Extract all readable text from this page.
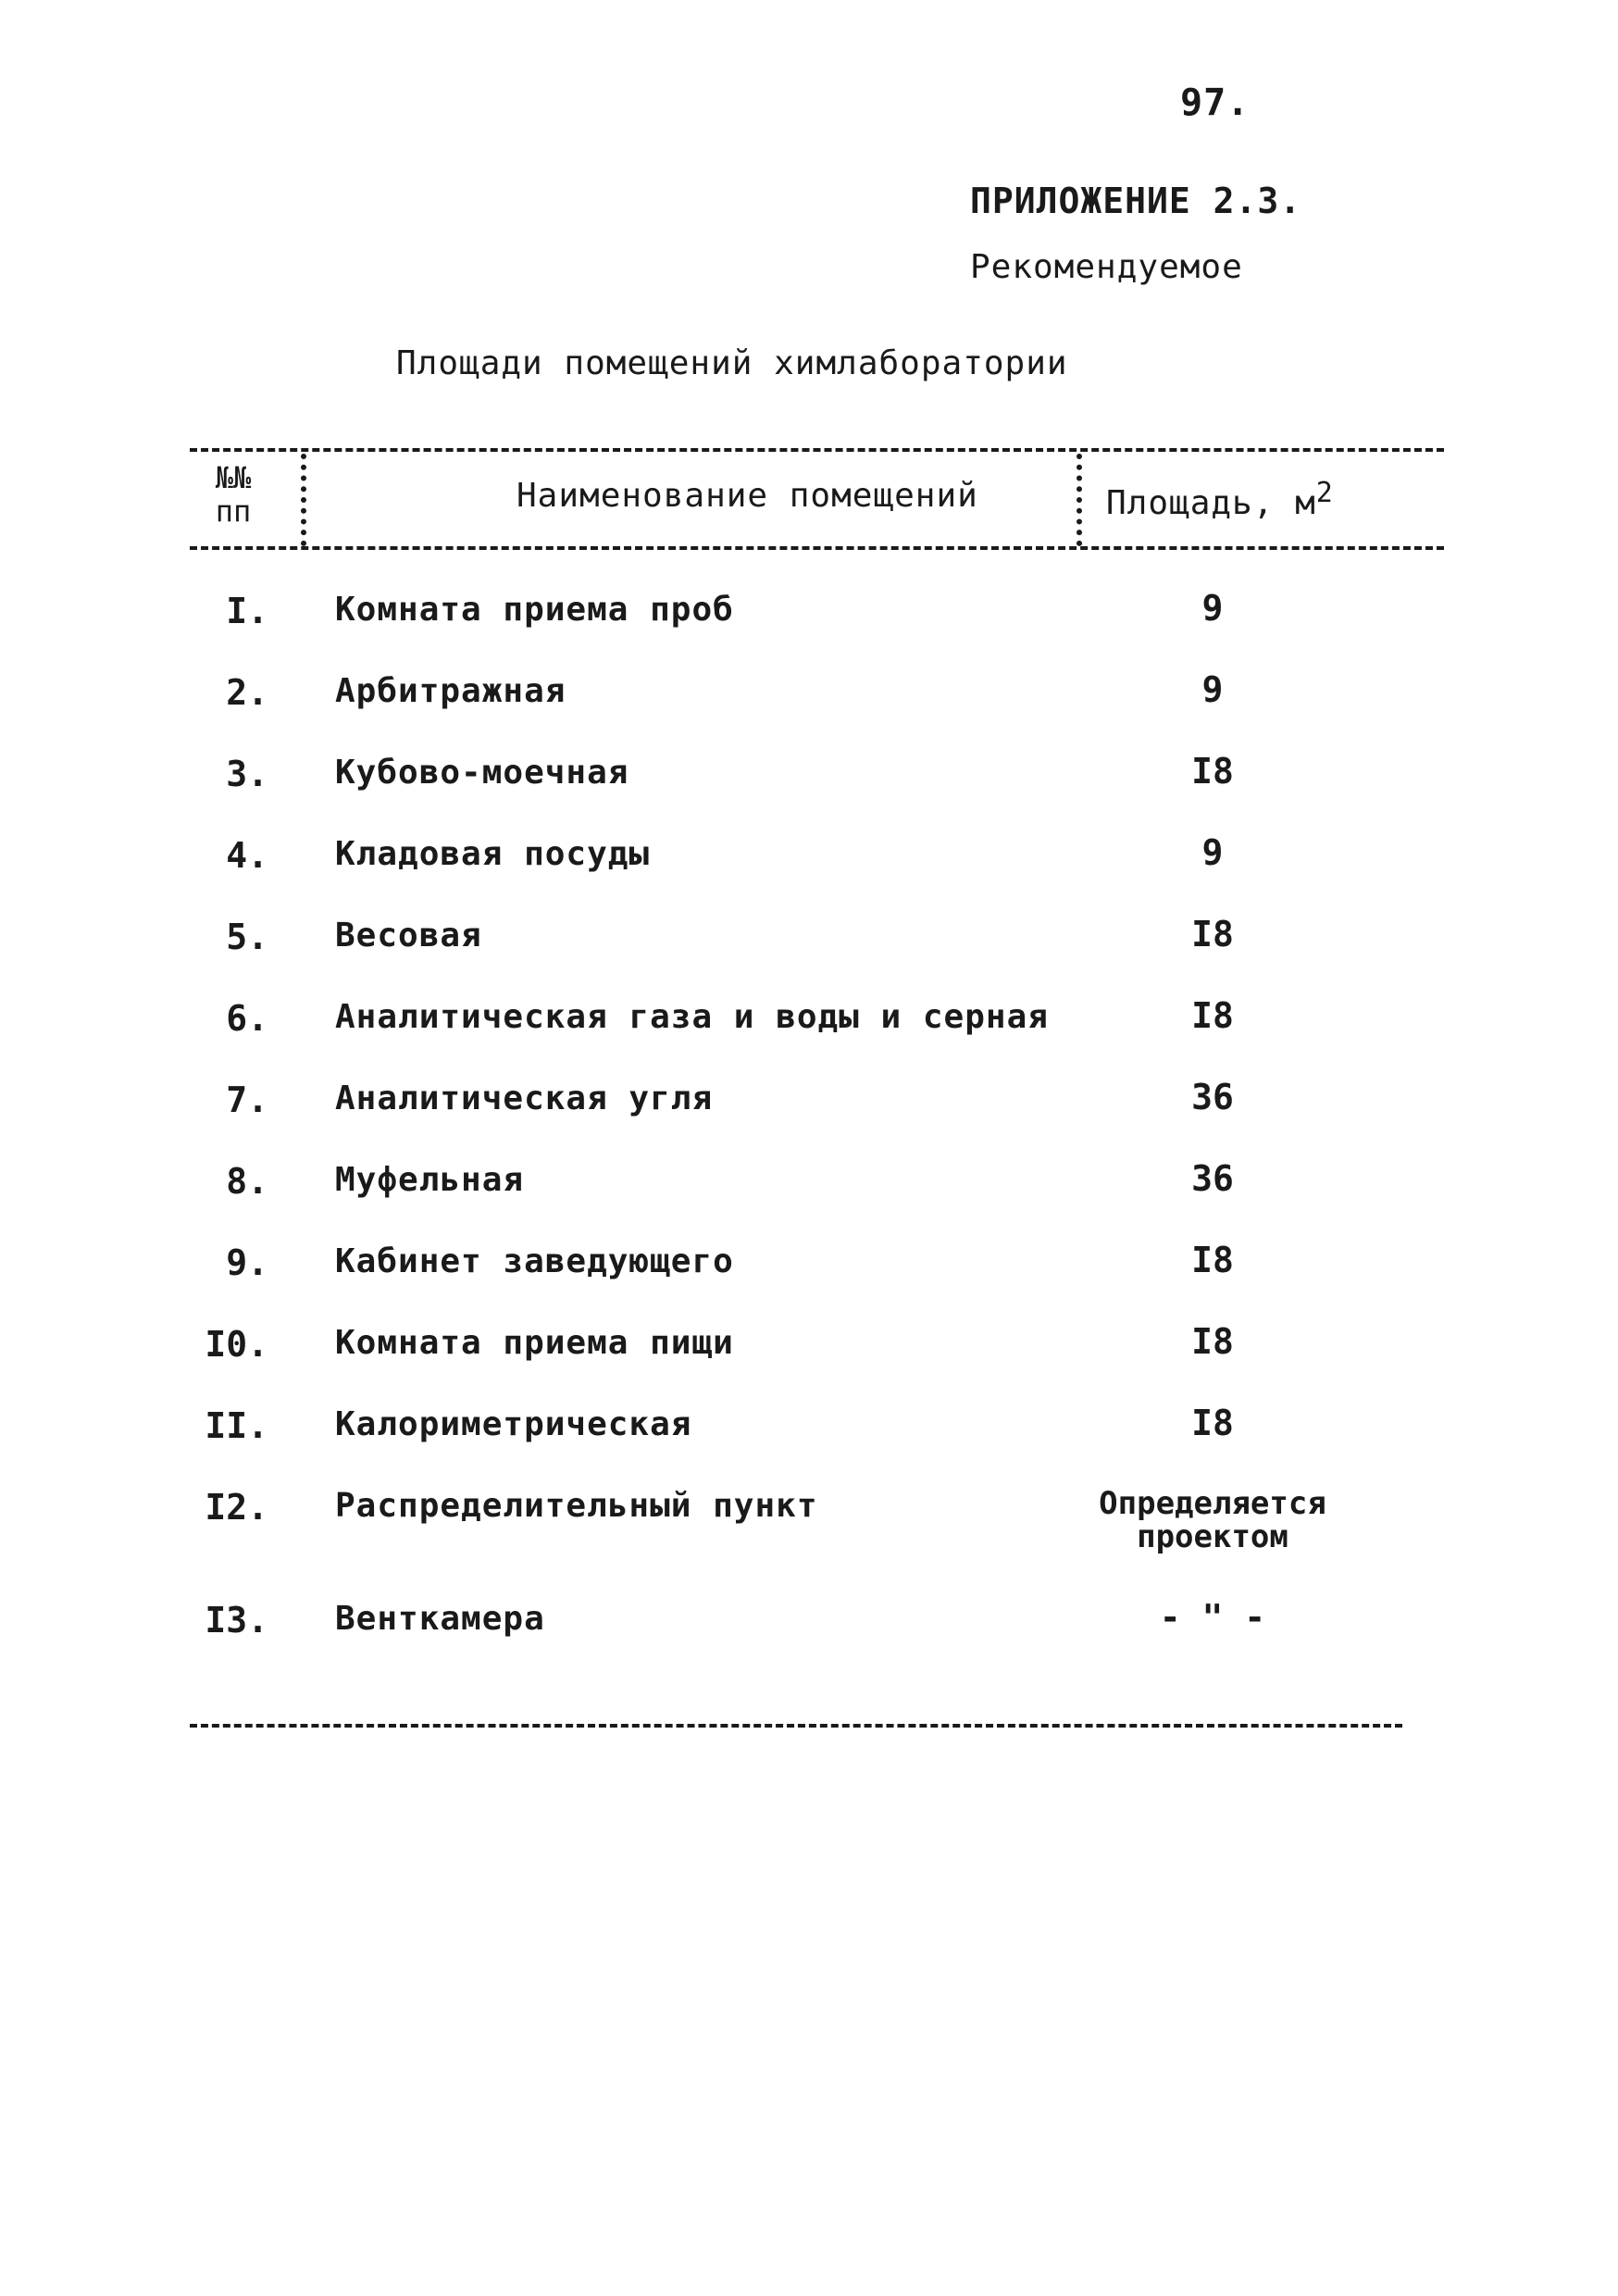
97.
ПРИЛОЖЕНИЕ 2.3.
Рекомендуемое
Площади помещений химлаборатории
№№
пп	Наименование помещений	Площадь, $м^2$
I. Комната приема проб	9
2. Арбитражная	9
3. Кубово-моечная	I8
4. Кладовая посуды	9
5. Весовая	I8
6. Аналитическая газа и воды и серная	I8
7. Аналитическая угля	36
8. Муфельная	36
9. Кабинет заведующего	I8
I0. Комната приема пищи	I8
II. Калориметрическая	I8
I2. Распределительный пункт	Определяется
проектом
I3. Венткамера	- " -
